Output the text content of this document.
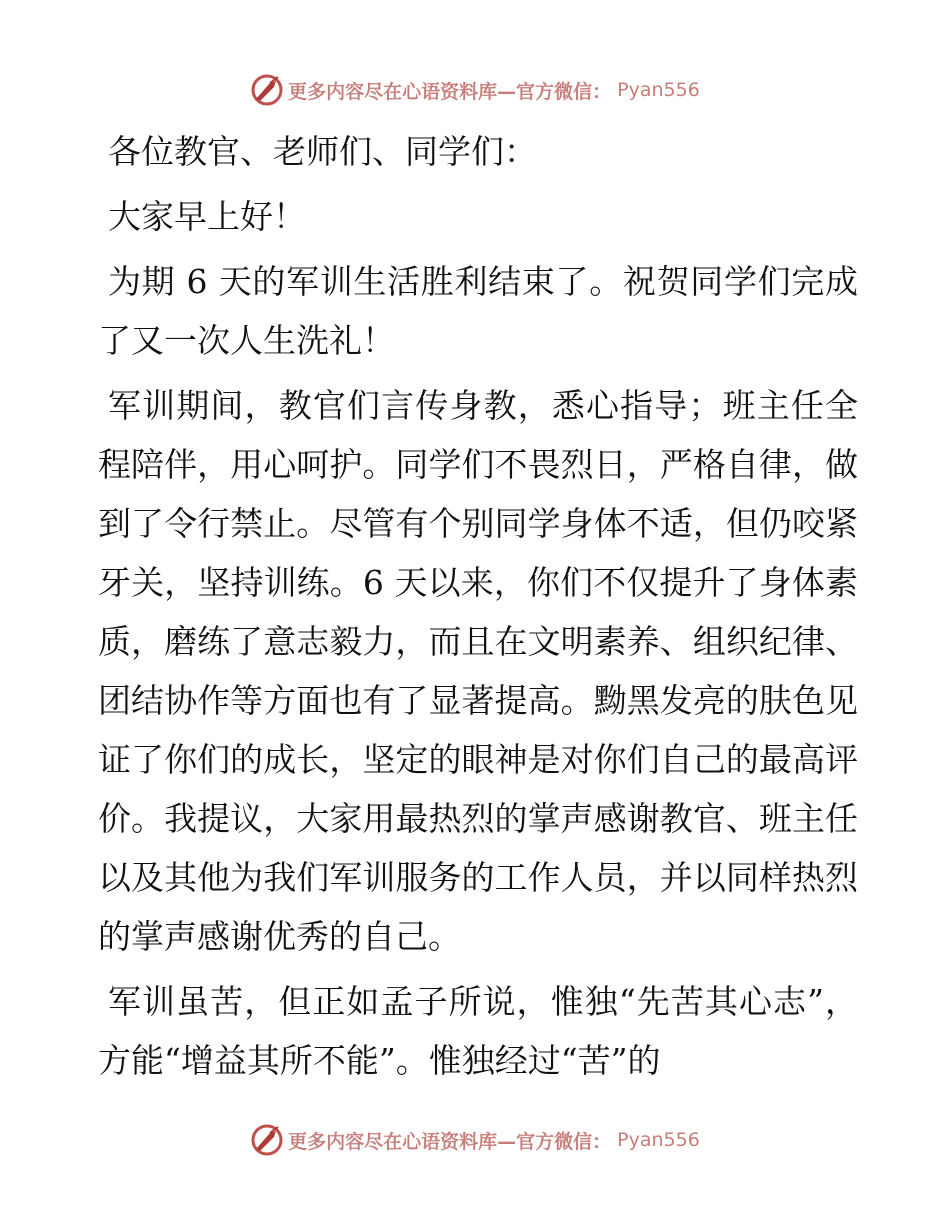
更多内容尽在心语资料库—官方微信： Pyan556

各位教官、老师们、同学们：

大家早上好！

为期 6 天的军训生活胜利结束了。祝贺同学们完成了又一次人生洗礼！

军训期间，教官们言传身教，悉心指导；班主任全程陪伴，用心呵护。同学们不畏烈日，严格自律，做到了令行禁止。尽管有个别同学身体不适，但仍咬紧牙关，坚持训练。6 天以来，你们不仅提升了身体素质，磨练了意志毅力，而且在文明素养、组织纪律、团结协作等方面也有了显著提高。黝黑发亮的肤色见证了你们的成长，坚定的眼神是对你们自己的最高评价。我提议，大家用最热烈的掌声感谢教官、班主任以及其他为我们军训服务的工作人员，并以同样热烈的掌声感谢优秀的自己。

军训虽苦，但正如孟子所说，惟独“先苦其心志”，方能“增益其所不能”。惟独经过“苦”的

更多内容尽在心语资料库—官方微信： Pyan556
